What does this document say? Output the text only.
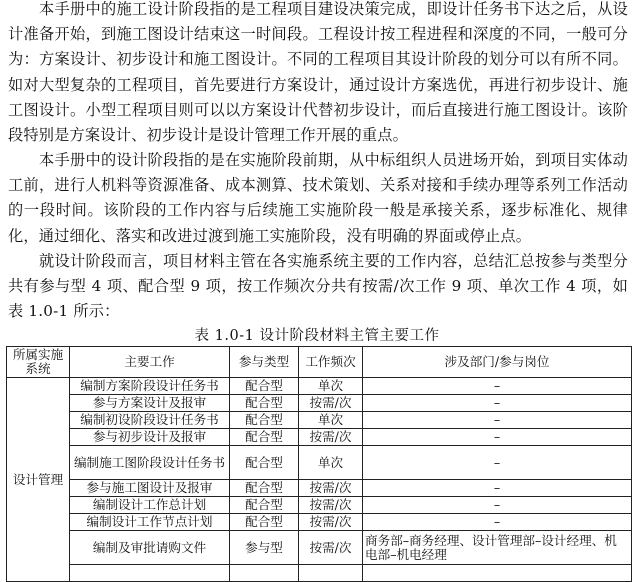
本手册中的施工设计阶段指的是工程项目建设决策完成，即设计任务书下达之后，从设计准备开始，到施工图设计结束这一时间段。工程设计按工程进程和深度的不同，一般可分为：方案设计、初步设计和施工图设计。不同的工程项目其设计阶段的划分可以有所不同。如对大型复杂的工程项目，首先要进行方案设计，通过设计方案选优，再进行初步设计、施工图设计。小型工程项目则可以以方案设计代替初步设计，而后直接进行施工图设计。该阶段特别是方案设计、初步设计是设计管理工作开展的重点。

本手册中的设计阶段指的是在实施阶段前期，从中标组织人员进场开始，到项目实体动工前，进行人机料等资源准备、成本测算、技术策划、关系对接和手续办理等系列工作活动的一段时间。该阶段的工作内容与后续施工实施阶段一般是承接关系，逐步标准化、规律化，通过细化、落实和改进过渡到施工实施阶段，没有明确的界面或停止点。

就设计阶段而言，项目材料主管在各实施系统主要的工作内容，总结汇总按参与类型分共有参与型 4 项、配合型 9 项，按工作频次分共有按需/次工作 9 项、单次工作 4 项，如表 1.0-1 所示：

表 1.0-1 设计阶段材料主管主要工作
所属实施系统	主要工作	参与类型	工作频次	涉及部门/参与岗位
设计管理	编制方案阶段设计任务书	配合型	单次	–
	参与方案设计及报审	配合型	按需/次	–
	编制初设阶段设计任务书	配合型	单次	–
	参与初步设计及报审	配合型	按需/次	–
	编制施工图阶段设计任务书	配合型	单次	–
	参与施工图设计及报审	配合型	按需/次	–
	编制设计工作总计划	配合型	按需/次	–
	编制设计工作节点计划	配合型	按需/次	–
	编制及审批请购文件	参与型	按需/次	商务部–商务经理、设计管理部–设计经理、机电部–机电经理
